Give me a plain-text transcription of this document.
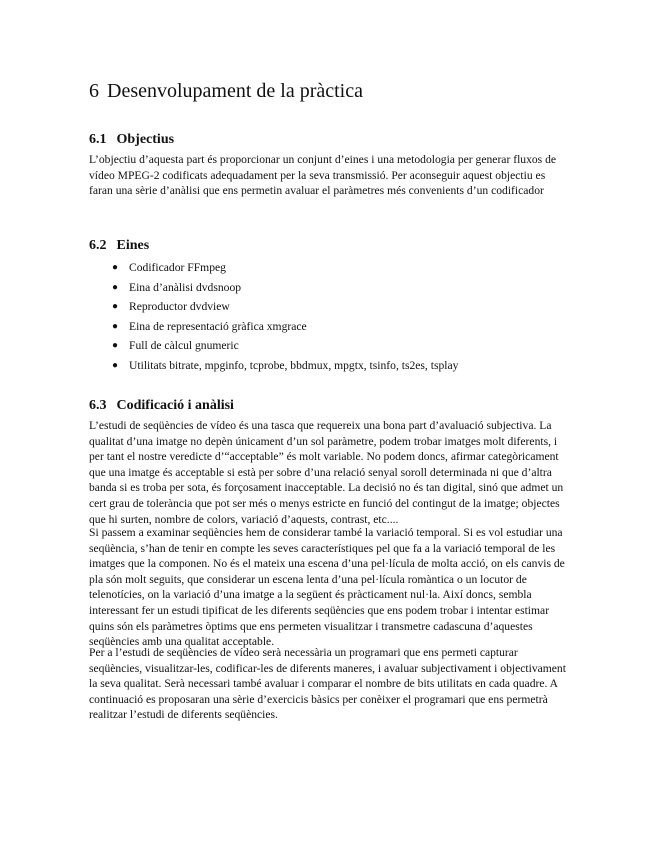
6 Desenvolupament de la pràctica
6.1 Objectius

L’objectiu d’aquesta part és proporcionar un conjunt d’eines i una metodologia per generar fluxos de vídeo MPEG-2 codificats adequadament per la seva transmissió. Per aconseguir aquest objectiu es faran una sèrie d’anàlisi que ens permetin avaluar el paràmetres més convenients d’un codificador

6.2 Eines
● Codificador FFmpeg
● Eina d’anàlisi dvdsnoop
● Reproductor dvdview
● Eina de representació gràfica xmgrace
● Full de càlcul gnumeric
● Utilitats bitrate, mpginfo, tcprobe, bbdmux, mpgtx, tsinfo, ts2es, tsplay
6.3 Codificació i anàlisi

L’estudi de seqüències de vídeo és una tasca que requereix una bona part d’avaluació subjectiva. La qualitat d’una imatge no depèn únicament d’un sol paràmetre, podem trobar imatges molt diferents, i per tant el nostre veredicte d’“acceptable” és molt variable. No podem doncs, afirmar categòricament que una imatge és acceptable si està per sobre d’una relació senyal soroll determinada ni que d’altra banda si es troba per sota, és forçosament inacceptable. La decisió no és tan digital, sinó que admet un cert grau de tolerància que pot ser més o menys estricte en funció del contingut de la imatge; objectes que hi surten, nombre de colors, variació d’aquests, contrast, etc....

Si passem a examinar seqüències hem de considerar també la variació temporal. Si es vol estudiar una seqüència, s’han de tenir en compte les seves característiques pel que fa a la variació temporal de les imatges que la componen. No és el mateix una escena d’una pel·lícula de molta acció, on els canvis de pla són molt seguits, que considerar un escena lenta d’una pel·lícula romàntica o un locutor de telenotícies, on la variació d’una imatge a la següent és pràcticament nul·la. Així doncs, sembla interessant fer un estudi tipificat de les diferents seqüències que ens podem trobar i intentar estimar quins són els paràmetres òptims que ens permeten visualitzar i transmetre cadascuna d’aquestes seqüències amb una qualitat acceptable.

Per a l’estudi de seqüències de vídeo serà necessària un programari que ens permeti capturar seqüències, visualitzar-les, codificar-les de diferents maneres, i avaluar subjectivament i objectivament la seva qualitat. Serà necessari també avaluar i comparar el nombre de bits utilitats en cada quadre. A continuació es proposaran una sèrie d’exercicis bàsics per conèixer el programari que ens permetrà realitzar l’estudi de diferents seqüències.
